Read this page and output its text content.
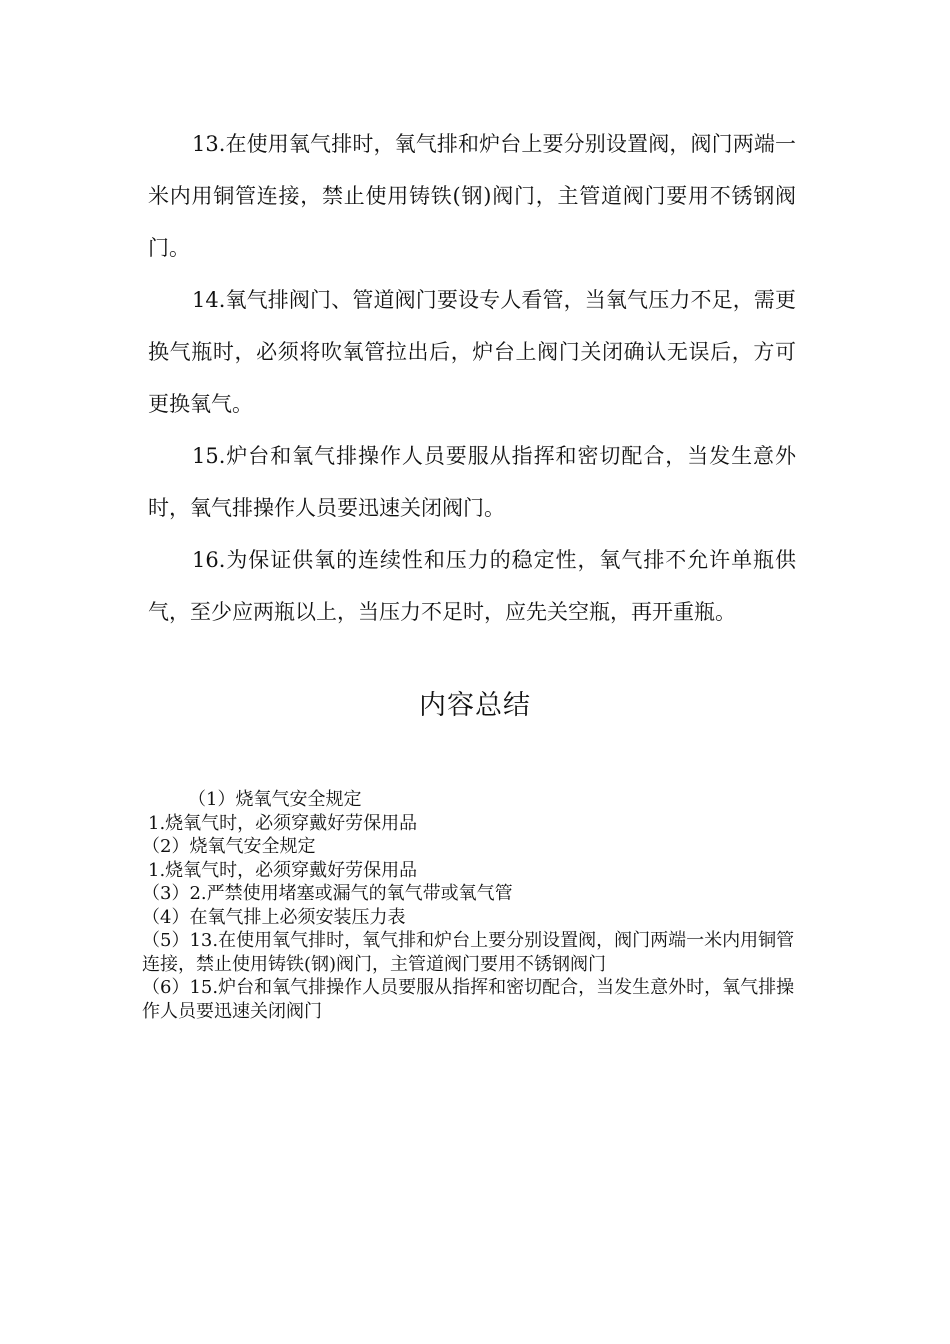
13.在使用氧气排时，氧气排和炉台上要分别设置阀，阀门两端一米内用铜管连接，禁止使用铸铁(钢)阀门，主管道阀门要用不锈钢阀门。

14.氧气排阀门、管道阀门要设专人看管，当氧气压力不足，需更换气瓶时，必须将吹氧管拉出后，炉台上阀门关闭确认无误后，方可更换氧气。

15.炉台和氧气排操作人员要服从指挥和密切配合，当发生意外时，氧气排操作人员要迅速关闭阀门。

16.为保证供氧的连续性和压力的稳定性，氧气排不允许单瓶供气，至少应两瓶以上，当压力不足时，应先关空瓶，再开重瓶。

内容总结

（1）烧氧气安全规定

1.烧氧气时，必须穿戴好劳保用品

（2）烧氧气安全规定

1.烧氧气时，必须穿戴好劳保用品

（3）2.严禁使用堵塞或漏气的氧气带或氧气管

（4）在氧气排上必须安装压力表

（5）13.在使用氧气排时，氧气排和炉台上要分别设置阀，阀门两端一米内用铜管连接，禁止使用铸铁(钢)阀门，主管道阀门要用不锈钢阀门

（6）15.炉台和氧气排操作人员要服从指挥和密切配合，当发生意外时，氧气排操作人员要迅速关闭阀门
